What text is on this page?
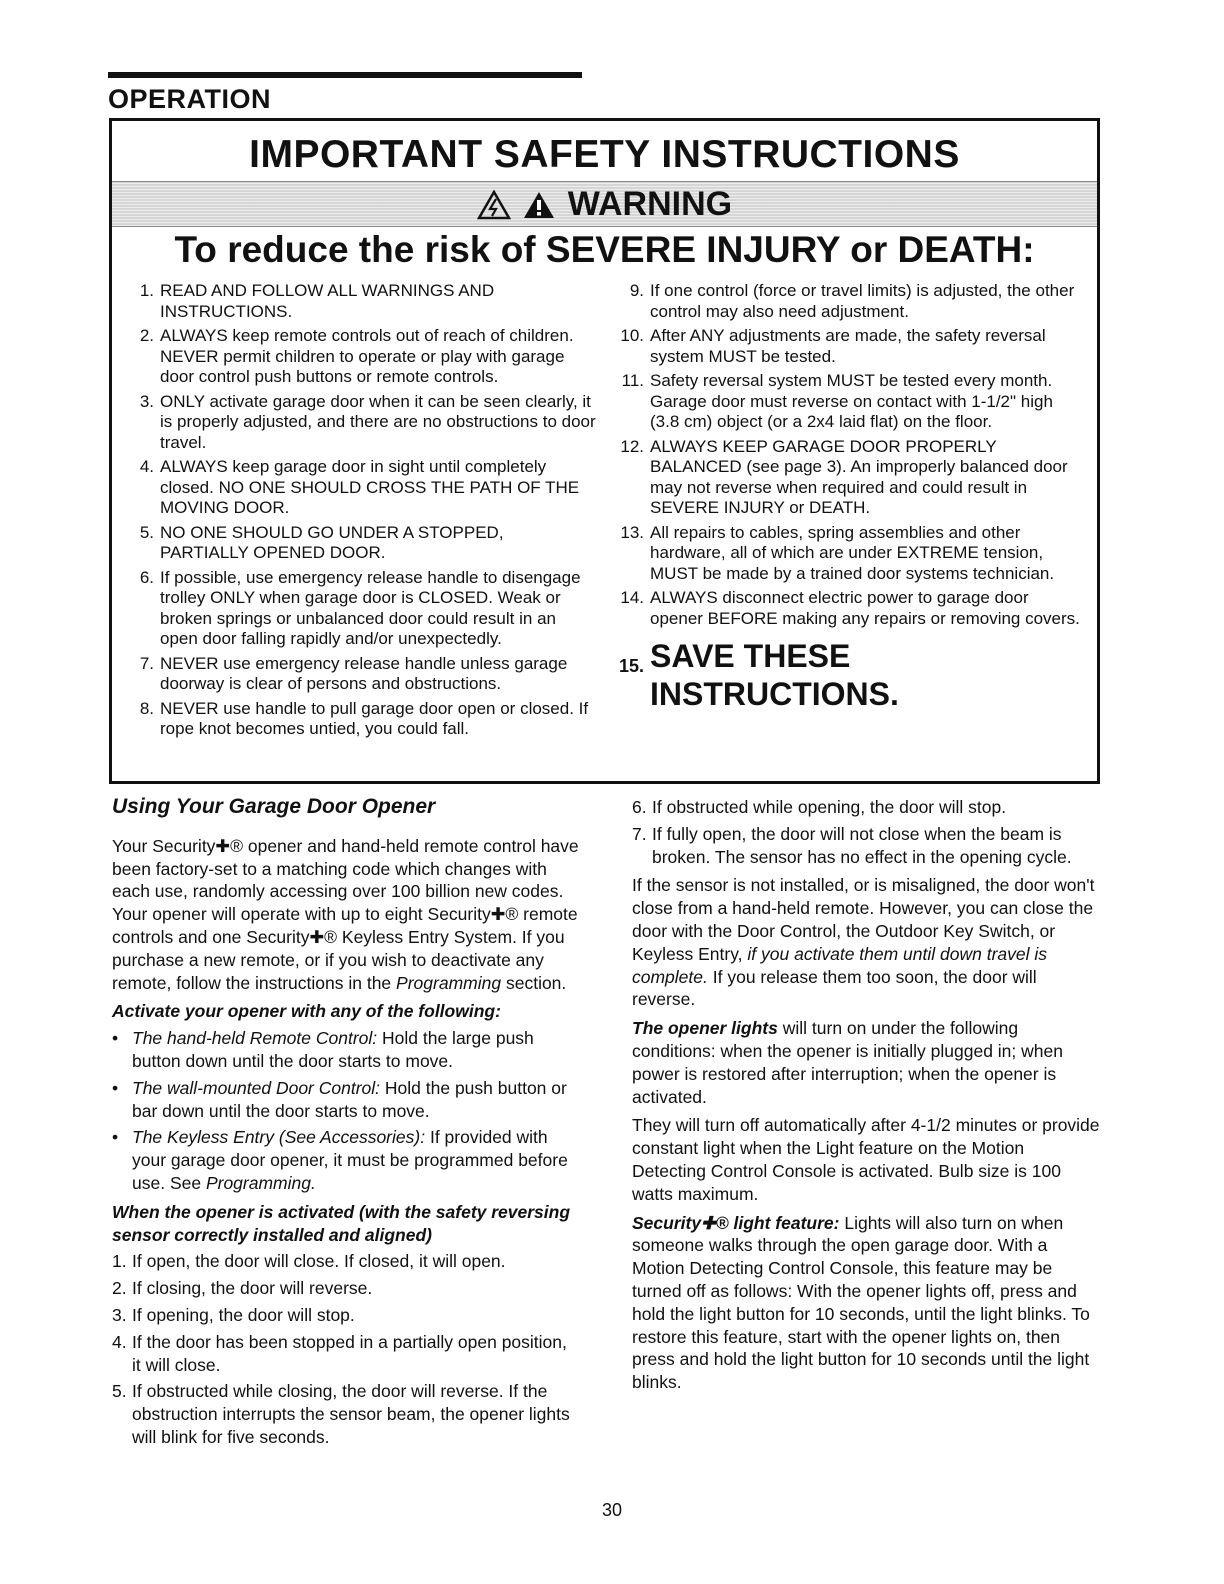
OPERATION
IMPORTANT SAFETY INSTRUCTIONS
WARNING
To reduce the risk of SEVERE INJURY or DEATH:
1. READ AND FOLLOW ALL WARNINGS AND INSTRUCTIONS.
2. ALWAYS keep remote controls out of reach of children. NEVER permit children to operate or play with garage door control push buttons or remote controls.
3. ONLY activate garage door when it can be seen clearly, it is properly adjusted, and there are no obstructions to door travel.
4. ALWAYS keep garage door in sight until completely closed. NO ONE SHOULD CROSS THE PATH OF THE MOVING DOOR.
5. NO ONE SHOULD GO UNDER A STOPPED, PARTIALLY OPENED DOOR.
6. If possible, use emergency release handle to disengage trolley ONLY when garage door is CLOSED. Weak or broken springs or unbalanced door could result in an open door falling rapidly and/or unexpectedly.
7. NEVER use emergency release handle unless garage doorway is clear of persons and obstructions.
8. NEVER use handle to pull garage door open or closed. If rope knot becomes untied, you could fall.
9. If one control (force or travel limits) is adjusted, the other control may also need adjustment.
10. After ANY adjustments are made, the safety reversal system MUST be tested.
11. Safety reversal system MUST be tested every month. Garage door must reverse on contact with 1-1/2" high (3.8 cm) object (or a 2x4 laid flat) on the floor.
12. ALWAYS KEEP GARAGE DOOR PROPERLY BALANCED (see page 3). An improperly balanced door may not reverse when required and could result in SEVERE INJURY or DEATH.
13. All repairs to cables, spring assemblies and other hardware, all of which are under EXTREME tension, MUST be made by a trained door systems technician.
14. ALWAYS disconnect electric power to garage door opener BEFORE making any repairs or removing covers.
15. SAVE THESE INSTRUCTIONS.
Using Your Garage Door Opener

Your Security✚® opener and hand-held remote control have been factory-set to a matching code which changes with each use, randomly accessing over 100 billion new codes. Your opener will operate with up to eight Security✚® remote controls and one Security✚® Keyless Entry System. If you purchase a new remote, or if you wish to deactivate any remote, follow the instructions in the Programming section.

Activate your opener with any of the following:

• The hand-held Remote Control: Hold the large push button down until the door starts to move.
• The wall-mounted Door Control: Hold the push button or bar down until the door starts to move.
• The Keyless Entry (See Accessories): If provided with your garage door opener, it must be programmed before use. See Programming.

When the opener is activated (with the safety reversing sensor correctly installed and aligned)

1. If open, the door will close. If closed, it will open.
2. If closing, the door will reverse.
3. If opening, the door will stop.
4. If the door has been stopped in a partially open position, it will close.
5. If obstructed while closing, the door will reverse. If the obstruction interrupts the sensor beam, the opener lights will blink for five seconds.
6. If obstructed while opening, the door will stop.
7. If fully open, the door will not close when the beam is broken. The sensor has no effect in the opening cycle.

If the sensor is not installed, or is misaligned, the door won't close from a hand-held remote. However, you can close the door with the Door Control, the Outdoor Key Switch, or Keyless Entry, if you activate them until down travel is complete. If you release them too soon, the door will reverse.

The opener lights will turn on under the following conditions: when the opener is initially plugged in; when power is restored after interruption; when the opener is activated.

They will turn off automatically after 4-1/2 minutes or provide constant light when the Light feature on the Motion Detecting Control Console is activated. Bulb size is 100 watts maximum.

Security✚® light feature: Lights will also turn on when someone walks through the open garage door. With a Motion Detecting Control Console, this feature may be turned off as follows: With the opener lights off, press and hold the light button for 10 seconds, until the light blinks. To restore this feature, start with the opener lights on, then press and hold the light button for 10 seconds until the light blinks.

30
